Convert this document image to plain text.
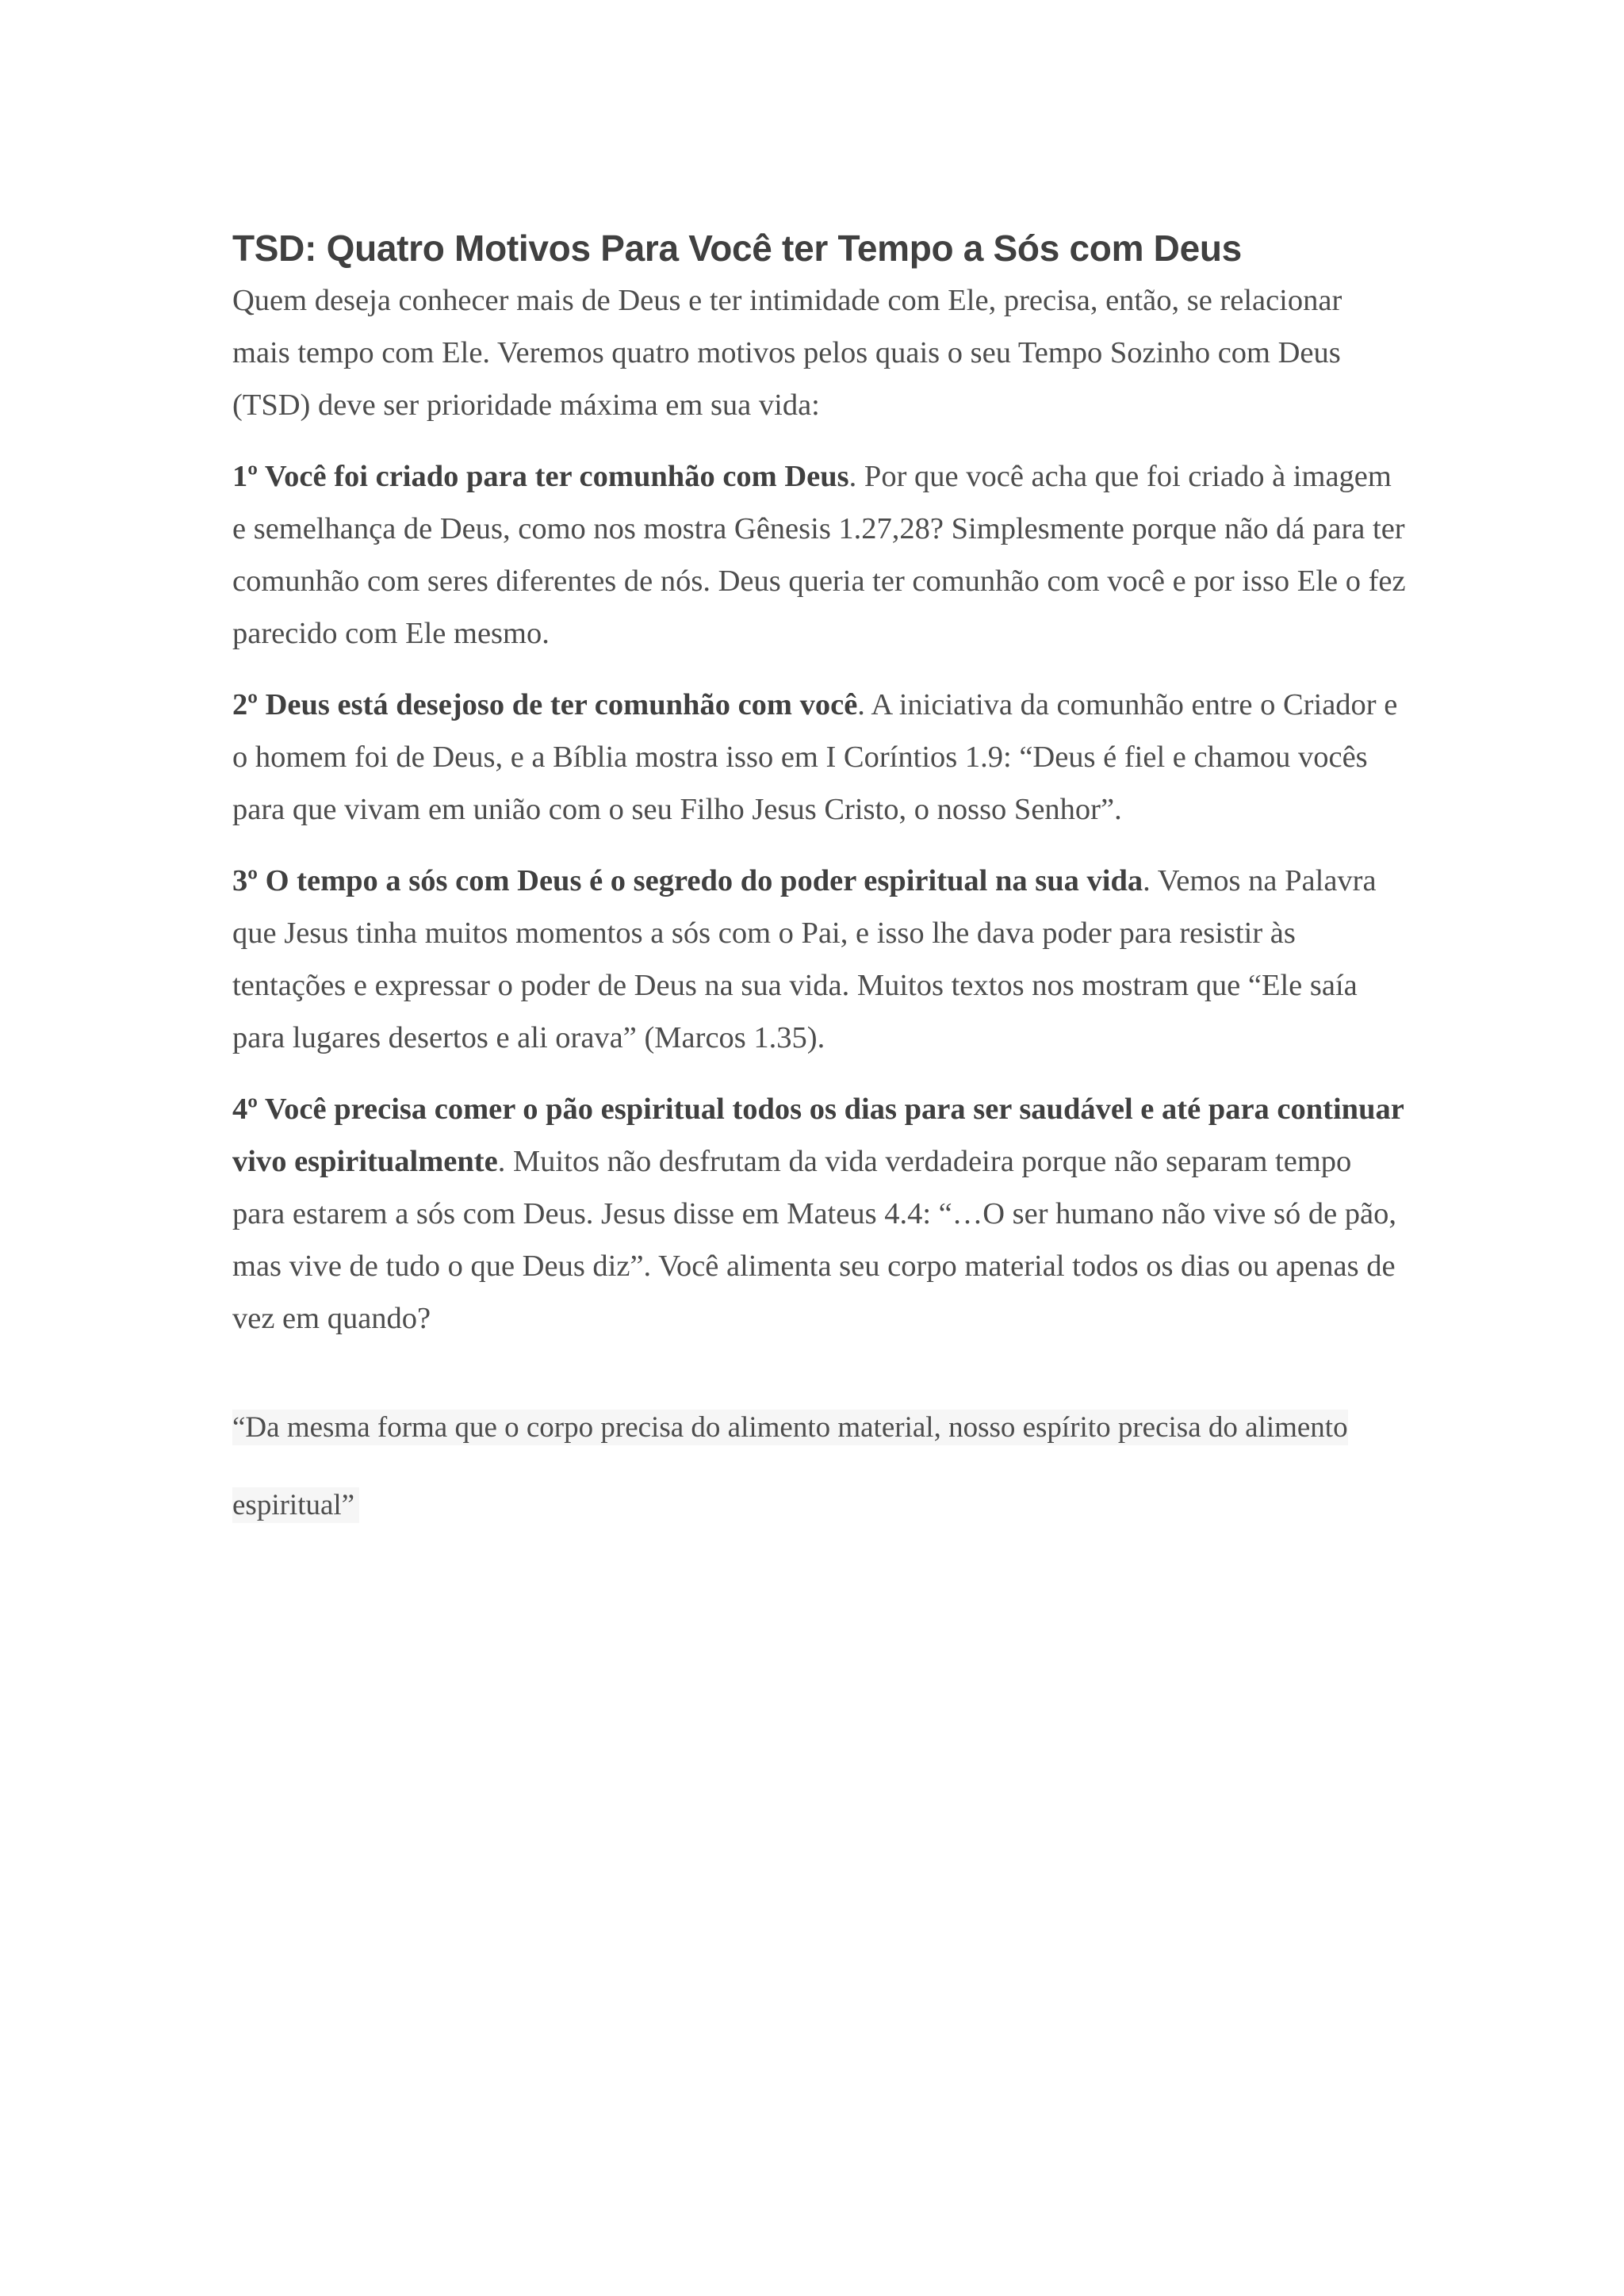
TSD: Quatro Motivos Para Você ter Tempo a Sós com Deus

Quem deseja conhecer mais de Deus e ter intimidade com Ele, precisa, então, se relacionar mais tempo com Ele. Veremos quatro motivos pelos quais o seu Tempo Sozinho com Deus (TSD) deve ser prioridade máxima em sua vida:

1º Você foi criado para ter comunhão com Deus. Por que você acha que foi criado à imagem e semelhança de Deus, como nos mostra Gênesis 1.27,28? Simplesmente porque não dá para ter comunhão com seres diferentes de nós. Deus queria ter comunhão com você e por isso Ele o fez parecido com Ele mesmo.

2º Deus está desejoso de ter comunhão com você. A iniciativa da comunhão entre o Criador e o homem foi de Deus, e a Bíblia mostra isso em I Coríntios 1.9: “Deus é fiel e chamou vocês para que vivam em união com o seu Filho Jesus Cristo, o nosso Senhor”.

3º O tempo a sós com Deus é o segredo do poder espiritual na sua vida. Vemos na Palavra que Jesus tinha muitos momentos a sós com o Pai, e isso lhe dava poder para resistir às tentações e expressar o poder de Deus na sua vida. Muitos textos nos mostram que “Ele saía para lugares desertos e ali orava” (Marcos 1.35).

4º Você precisa comer o pão espiritual todos os dias para ser saudável e até para continuar vivo espiritualmente. Muitos não desfrutam da vida verdadeira porque não separam tempo para estarem a sós com Deus. Jesus disse em Mateus 4.4: “…O ser humano não vive só de pão, mas vive de tudo o que Deus diz”. Você alimenta seu corpo material todos os dias ou apenas de vez em quando?

“Da mesma forma que o corpo precisa do alimento material, nosso espírito precisa do alimento espiritual”
